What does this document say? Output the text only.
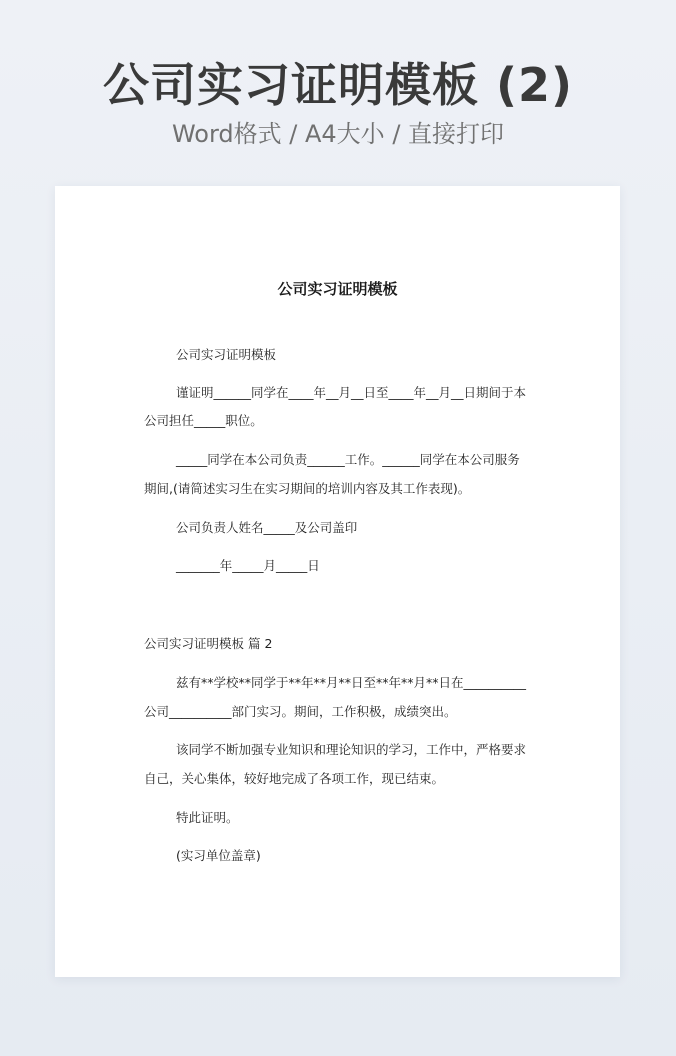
公司实习证明模板 (2)
Word格式 / A4大小 / 直接打印
公司实习证明模板
公司实习证明模板
谨证明______同学在____年__月__日至____年__月__日期间于本
公司担任_____职位。
_____同学在本公司负责______工作。______同学在本公司服务
期间,(请简述实习生在实习期间的培训内容及其工作表现)。
公司负责人姓名_____及公司盖印
_______年_____月_____日
公司实习证明模板 篇 2
兹有**学校**同学于**年**月**日至**年**月**日在__________
公司__________部门实习。期间，工作积极，成绩突出。
该同学不断加强专业知识和理论知识的学习，工作中，严格要求
自己，关心集体，较好地完成了各项工作，现已结束。
特此证明。
(实习单位盖章)
